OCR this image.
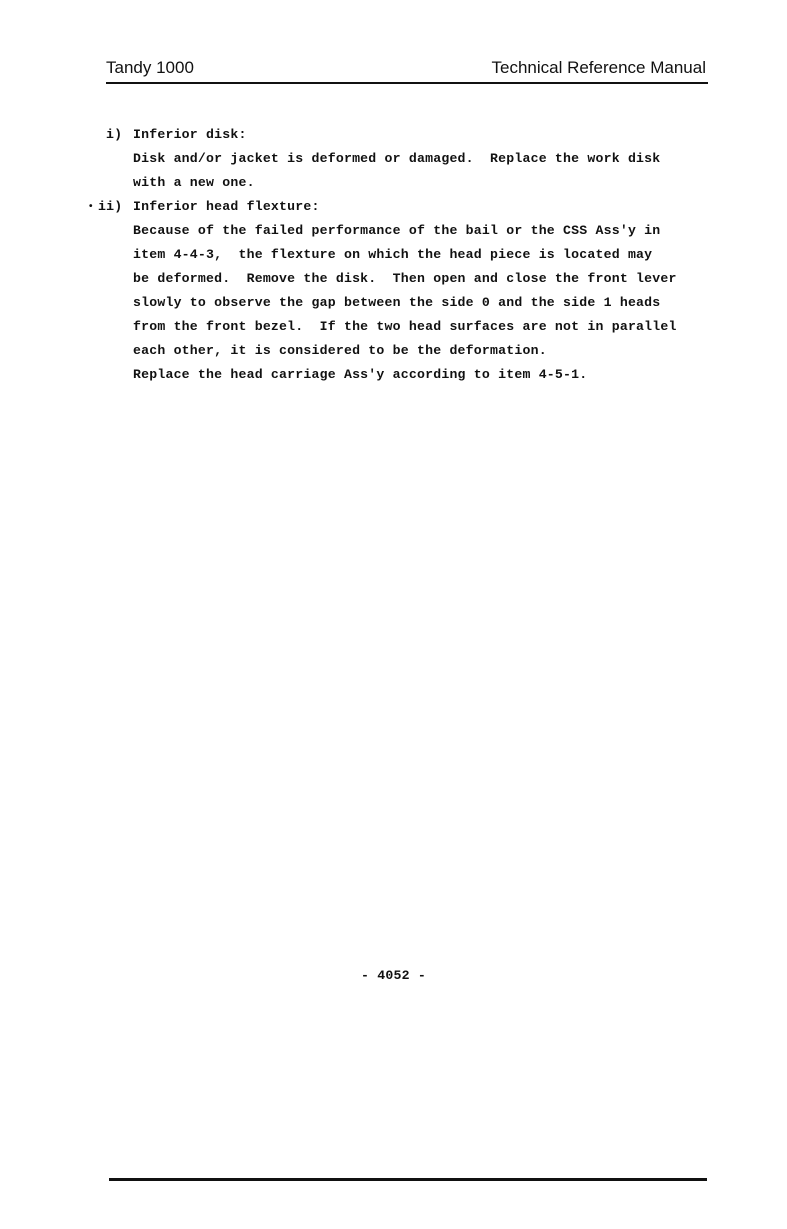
Tandy 1000	Technical Reference Manual
i) Inferior disk:
Disk and/or jacket is deformed or damaged.  Replace the work disk
with a new one.
• ii) Inferior head flexture:
Because of the failed performance of the bail or the CSS Ass'y in
item 4-4-3,  the flexture on which the head piece is located may
be deformed.  Remove the disk.  Then open and close the front lever
slowly to observe the gap between the side 0 and the side 1 heads
from the front bezel.  If the two head surfaces are not in parallel
each other, it is considered to be the deformation.
Replace the head carriage Ass'y according to item 4-5-1.
- 4052 -
